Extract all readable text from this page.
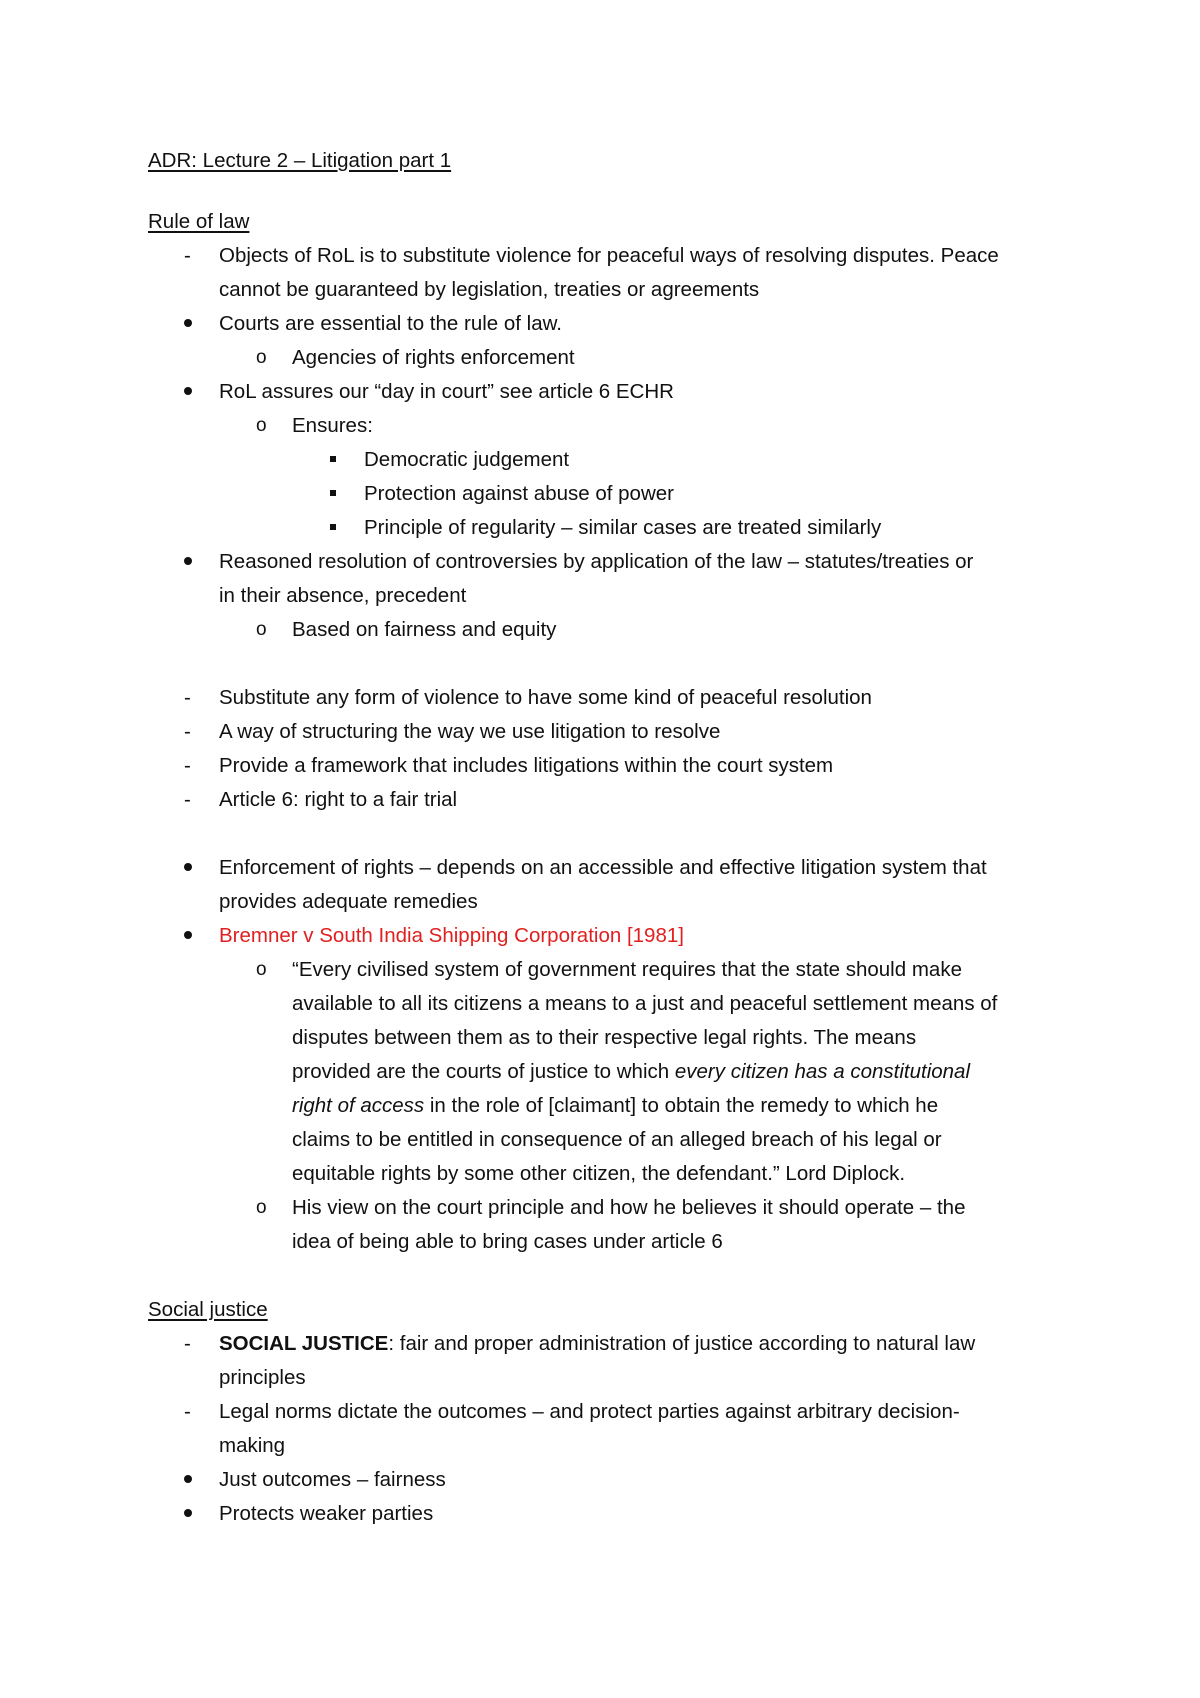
ADR: Lecture 2 – Litigation part 1
Rule of law
- Objects of RoL is to substitute violence for peaceful ways of resolving disputes. Peace
cannot be guaranteed by legislation, treaties or agreements
Courts are essential to the rule of law.
o Agencies of rights enforcement
RoL assures our “day in court” see article 6 ECHR
o Ensures:
Democratic judgement
Protection against abuse of power
Principle of regularity – similar cases are treated similarly
Reasoned resolution of controversies by application of the law – statutes/treaties or
in their absence, precedent
o Based on fairness and equity
- Substitute any form of violence to have some kind of peaceful resolution
- A way of structuring the way we use litigation to resolve
- Provide a framework that includes litigations within the court system
- Article 6: right to a fair trial
Enforcement of rights – depends on an accessible and effective litigation system that
provides adequate remedies
Bremner v South India Shipping Corporation [1981]
o “Every civilised system of government requires that the state should make
available to all its citizens a means to a just and peaceful settlement means of
disputes between them as to their respective legal rights. The means
provided are the courts of justice to which every citizen has a constitutional
right of access in the role of [claimant] to obtain the remedy to which he
claims to be entitled in consequence of an alleged breach of his legal or
equitable rights by some other citizen, the defendant.” Lord Diplock.
o His view on the court principle and how he believes it should operate – the
idea of being able to bring cases under article 6
Social justice
- SOCIAL JUSTICE: fair and proper administration of justice according to natural law
principles
- Legal norms dictate the outcomes – and protect parties against arbitrary decision-
making
Just outcomes – fairness
Protects weaker parties
